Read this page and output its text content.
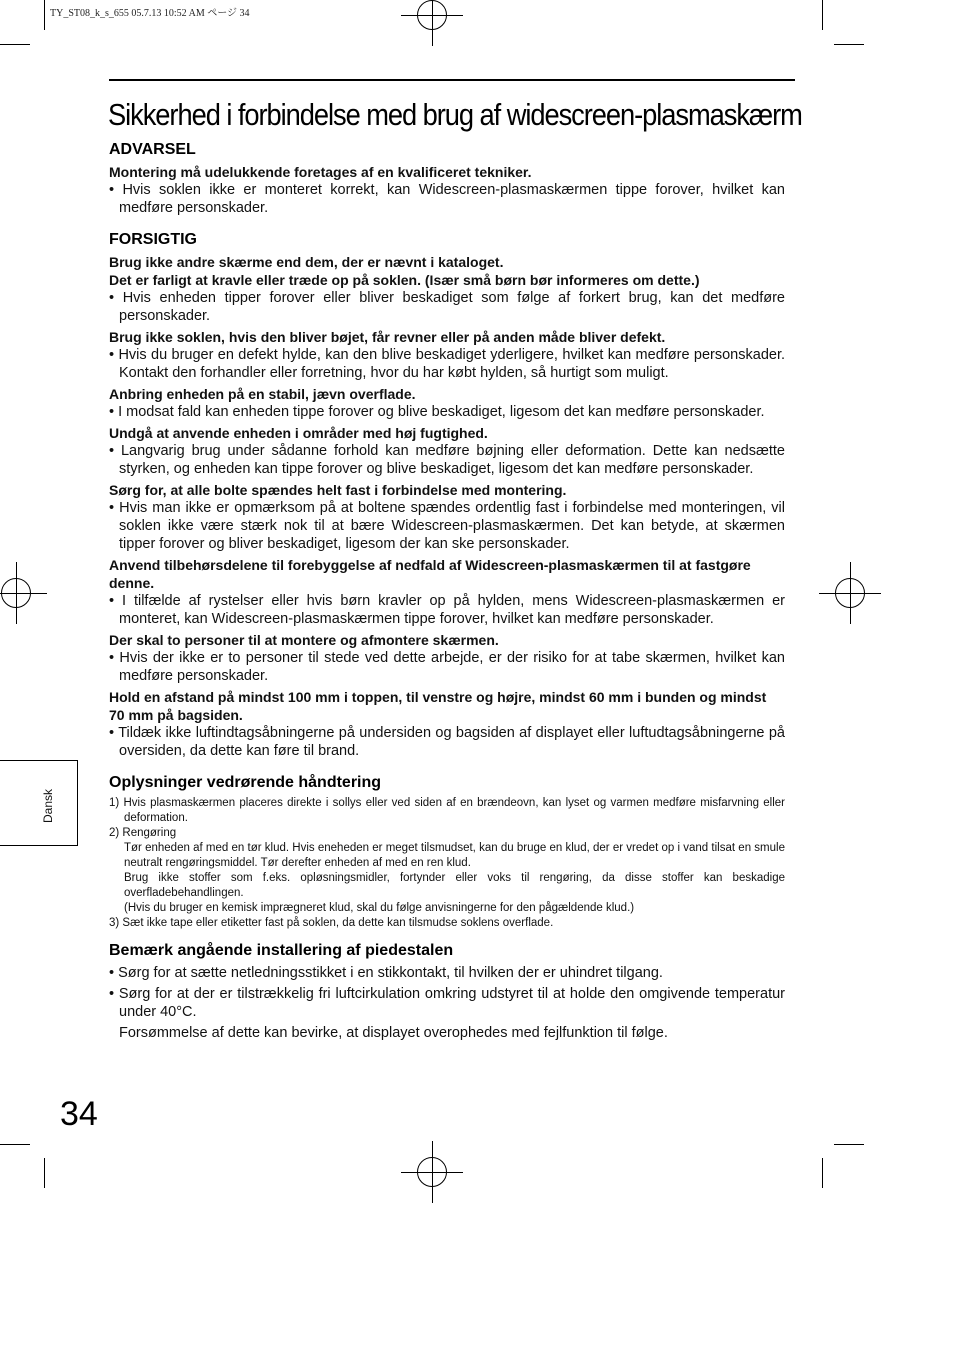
TY_ST08_k_s_655 05.7.13 10:52 AM ページ 34
Sikkerhed i forbindelse med brug af widescreen-plasmaskærm

ADVARSEL

Montering må udelukkende foretages af en kvalificeret tekniker.

• Hvis soklen ikke er monteret korrekt, kan Widescreen-plasmaskærmen tippe forover, hvilket kan medføre personskader.

FORSIGTIG

Brug ikke andre skærme end dem, der er nævnt i kataloget.

Det er farligt at kravle eller træde op på soklen. (Især små børn bør informeres om dette.)

• Hvis enheden tipper forover eller bliver beskadiget som følge af forkert brug, kan det medføre personskader.

Brug ikke soklen, hvis den bliver bøjet, får revner eller på anden måde bliver defekt.

• Hvis du bruger en defekt hylde, kan den blive beskadiget yderligere, hvilket kan medføre personskader. Kontakt den forhandler eller forretning, hvor du har købt hylden, så hurtigt som muligt.

Anbring enheden på en stabil, jævn overflade.

• I modsat fald kan enheden tippe forover og blive beskadiget, ligesom det kan medføre personskader.

Undgå at anvende enheden i områder med høj fugtighed.

• Langvarig brug under sådanne forhold kan medføre bøjning eller deformation. Dette kan nedsætte styrken, og enheden kan tippe forover og blive beskadiget, ligesom det kan medføre personskader.

Sørg for, at alle bolte spændes helt fast i forbindelse med montering.

• Hvis man ikke er opmærksom på at boltene spændes ordentlig fast i forbindelse med monteringen, vil soklen ikke være stærk nok til at bære Widescreen-plasmaskærmen. Det kan betyde, at skærmen tipper forover og bliver beskadiget, ligesom der kan ske personskader.

Anvend tilbehørsdelene til forebyggelse af nedfald af Widescreen-plasmaskærmen til at fastgøre denne.

• I tilfælde af rystelser eller hvis børn kravler op på hylden, mens Widescreen-plasmaskærmen er monteret, kan Widescreen-plasmaskærmen tippe forover, hvilket kan medføre personskader.

Der skal to personer til at montere og afmontere skærmen.

• Hvis der ikke er to personer til stede ved dette arbejde, er der risiko for at tabe skærmen, hvilket kan medføre personskader.

Hold en afstand på mindst 100 mm i toppen, til venstre og højre, mindst 60 mm i bunden og mindst 70 mm på bagsiden.

• Tildæk ikke luftindtagsåbningerne på undersiden og bagsiden af displayet eller luftudtagsåbningerne på oversiden, da dette kan føre til brand.

Oplysninger vedrørende håndtering

1) Hvis plasmaskærmen placeres direkte i sollys eller ved siden af en brændeovn, kan lyset og varmen medføre misfarvning eller deformation.

2) Rengøring

Tør enheden af med en tør klud. Hvis eneheden er meget tilsmudset, kan du bruge en klud, der er vredet op i vand tilsat en smule neutralt rengøringsmiddel. Tør derefter enheden af med en ren klud.

Brug ikke stoffer som f.eks. opløsningsmidler, fortynder eller voks til rengøring, da disse stoffer kan beskadige overfladebehandlingen.

(Hvis du bruger en kemisk imprægneret klud, skal du følge anvisningerne for den pågældende klud.)

3) Sæt ikke tape eller etiketter fast på soklen, da dette kan tilsmudse soklens overflade.

Bemærk angående installering af piedestalen

• Sørg for at sætte netledningsstikket i en stikkontakt, til hvilken der er uhindret tilgang.

• Sørg for at der er tilstrækkelig fri luftcirkulation omkring udstyret til at holde den omgivende temperatur under 40°C.

Forsømmelse af dette kan bevirke, at displayet overophedes med fejlfunktion til følge.

Dansk
34
